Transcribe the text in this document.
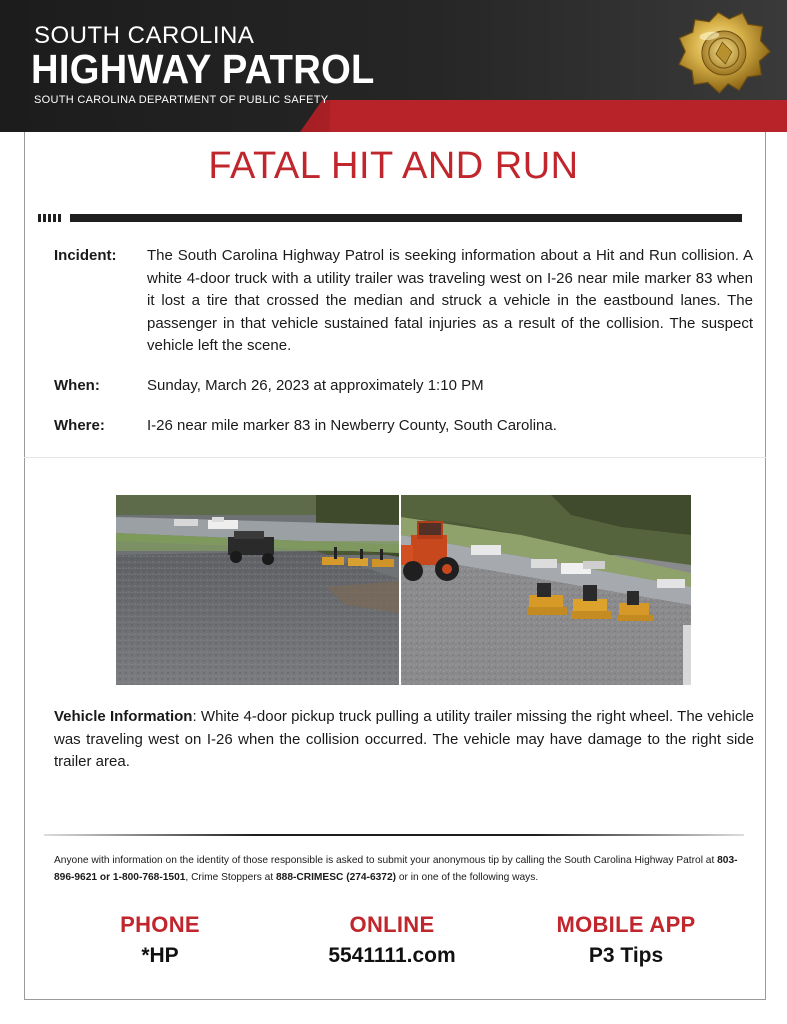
SOUTH CAROLINA
HIGHWAY PATROL
SOUTH CAROLINA DEPARTMENT OF PUBLIC SAFETY
FATAL HIT AND RUN
Incident:	The South Carolina Highway Patrol is seeking information about a Hit and Run collision. A white 4-door truck with a utility trailer was traveling west on I-26 near mile marker 83 when it lost a tire that crossed the median and struck a vehicle in the eastbound lanes. The passenger in that vehicle sustained fatal injuries as a result of the collision. The suspect vehicle left the scene.
When:	Sunday, March 26, 2023 at approximately 1:10 PM
Where:	I-26 near mile marker 83 in Newberry County, South Carolina.
Vehicle Information: White 4-door pickup truck pulling a utility trailer missing the right wheel. The vehicle was traveling west on I-26 when the collision occurred. The vehicle may have damage to the right side trailer area.
Anyone with information on the identity of those responsible is asked to submit your anonymous tip by calling the South Carolina Highway Patrol at 803-896-9621 or 1-800-768-1501, Crime Stoppers at 888-CRIMESC (274-6372) or in one of the following ways.
PHONE
*HP
ONLINE
5541111.com
MOBILE APP
P3 Tips
